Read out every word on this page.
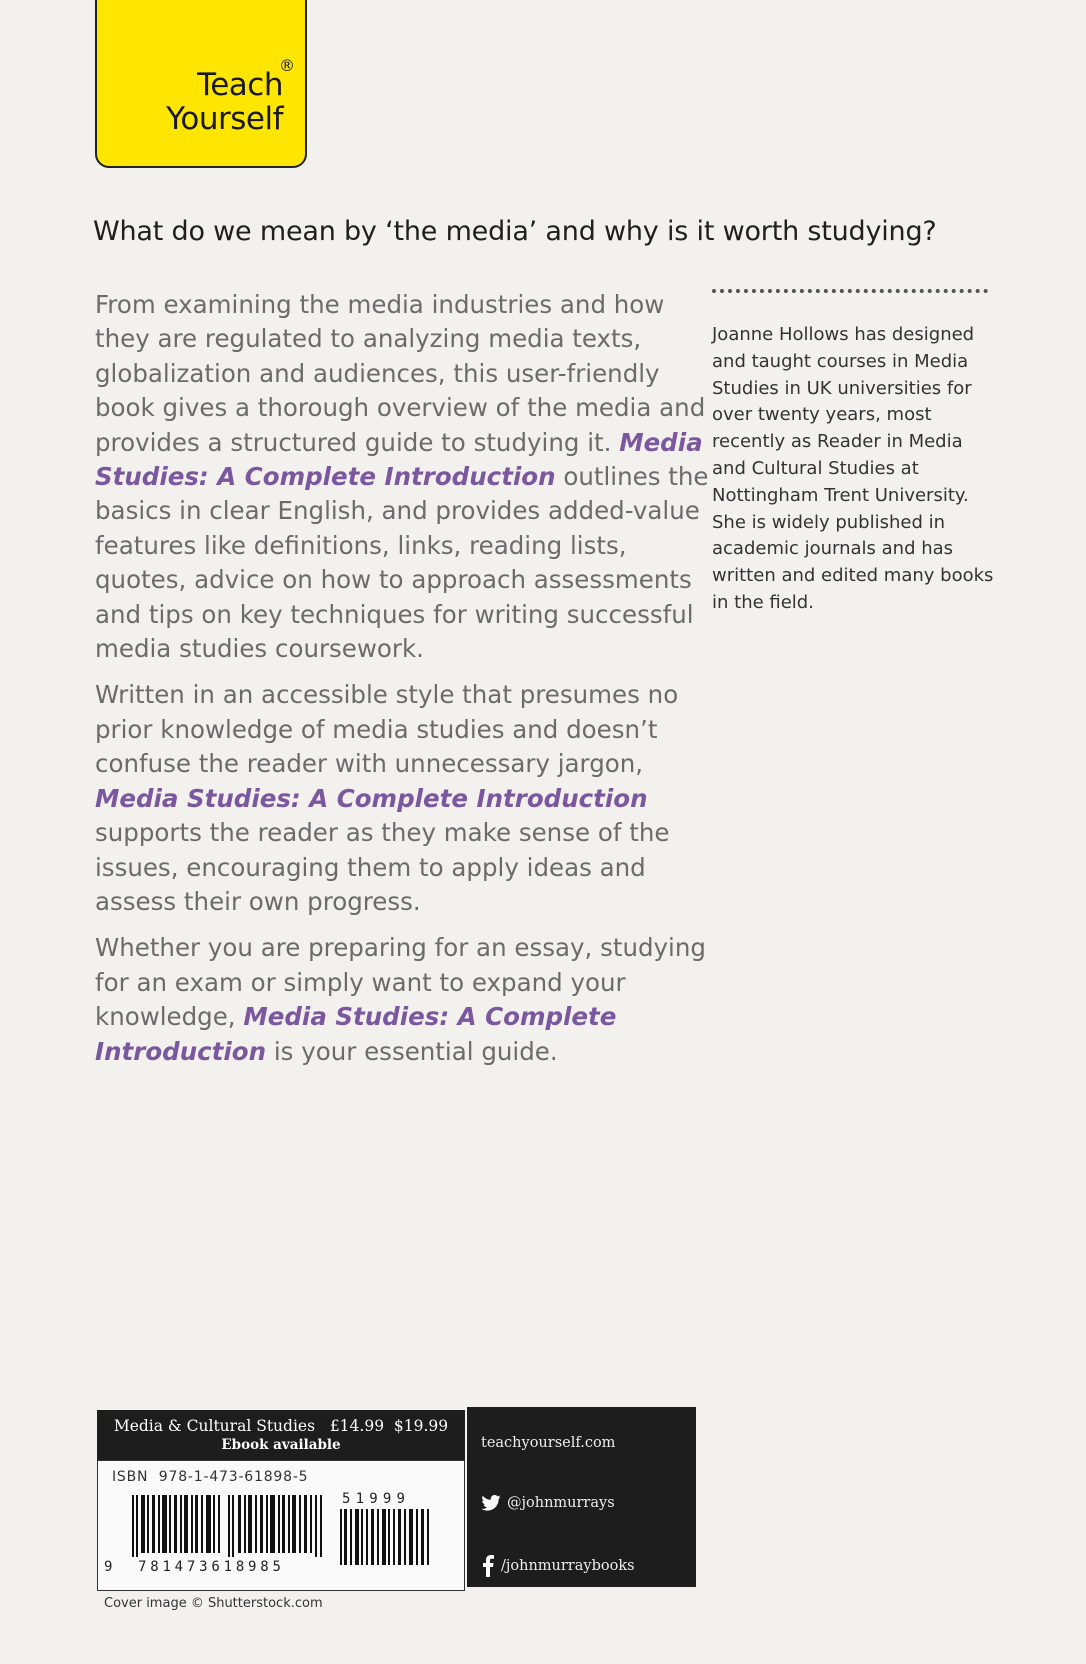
®
Teach
Yourself
What do we mean by ‘the media’ and why is it worth studying?

From examining the media industries and how they are regulated to analyzing media texts, globalization and audiences, this user-friendly book gives a thorough overview of the media and provides a structured guide to studying it. Media Studies: A Complete Introduction outlines the basics in clear English, and provides added-value features like definitions, links, reading lists, quotes, advice on how to approach assessments and tips on key techniques for writing successful media studies coursework.

Written in an accessible style that presumes no prior knowledge of media studies and doesn’t confuse the reader with unnecessary jargon, Media Studies: A Complete Introduction supports the reader as they make sense of the issues, encouraging them to apply ideas and assess their own progress.

Whether you are preparing for an essay, studying for an exam or simply want to expand your knowledge, Media Studies: A Complete Introduction is your essential guide.

Joanne Hollows has designed and taught courses in Media Studies in UK universities for over twenty years, most recently as Reader in Media and Cultural Studies at Nottingham Trent University. She is widely published in academic journals and has written and edited many books in the field.
Media & Cultural Studies   £14.99  $19.99
Ebook available
ISBN  978-1-473-61898-5
51999
9 781473618985
teachyourself.com
@johnmurrays
/johnmurraybooks
Cover image © Shutterstock.com
